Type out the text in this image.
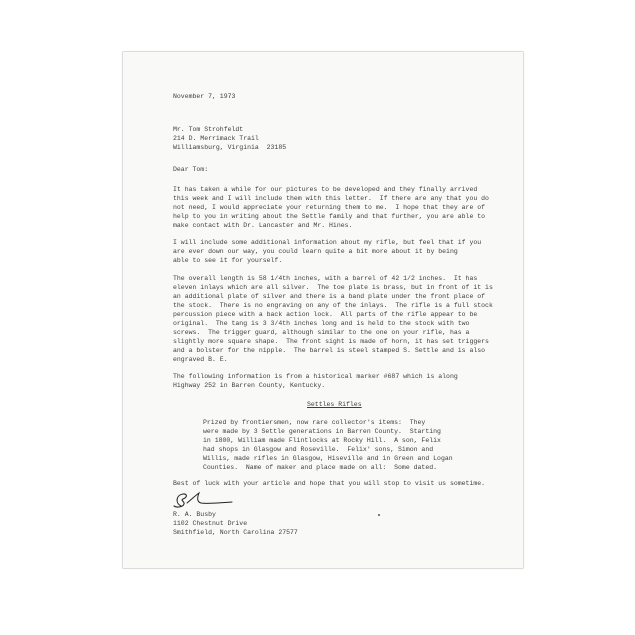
November 7, 1973

Mr. Tom Strohfeldt

214 D. Merrimack Trail

Williamsburg, Virginia  23185

Dear Tom:

It has taken a while for our pictures to be developed and they finally arrived

this week and I will include them with this letter.  If there are any that you do

not need, I would appreciate your returning them to me.  I hope that they are of

help to you in writing about the Settle family and that further, you are able to

make contact with Dr. Lancaster and Mr. Hines.

I will include some additional information about my rifle, but feel that if you

are ever down our way, you could learn quite a bit more about it by being

able to see it for yourself.

The overall length is 58 1/4th inches, with a barrel of 42 1/2 inches.  It has

eleven inlays which are all silver.  The toe plate is brass, but in front of it is

an additional plate of silver and there is a band plate under the front place of

the stock.  There is no engraving on any of the inlays.  The rifle is a full stock

percussion piece with a back action lock.  All parts of the rifle appear to be

original.  The tang is 3 3/4th inches long and is held to the stock with two

screws.  The trigger guard, although similar to the one on your rifle, has a

slightly more square shape.  The front sight is made of horn, it has set triggers

and a bolster for the nipple.  The barrel is steel stamped S. Settle and is also

engraved B. E.

The following information is from a historical marker #687 which is along

Highway 252 in Barren County, Kentucky.

Settles Rifles

Prized by frontiersmen, now rare collector's items:  They

were made by 3 Settle generations in Barren County.  Starting

in 1800, William made Flintlocks at Rocky Hill.  A son, Felix

had shops in Glasgow and Roseville.  Felix' sons, Simon and

Willis, made rifles in Glasgow, Hiseville and in Green and Logan

Counties.  Name of maker and place made on all:  Some dated.

Best of luck with your article and hope that you will stop to visit us sometime.

R. A. Busby

1102 Chestnut Drive

Smithfield, North Carolina 27577
